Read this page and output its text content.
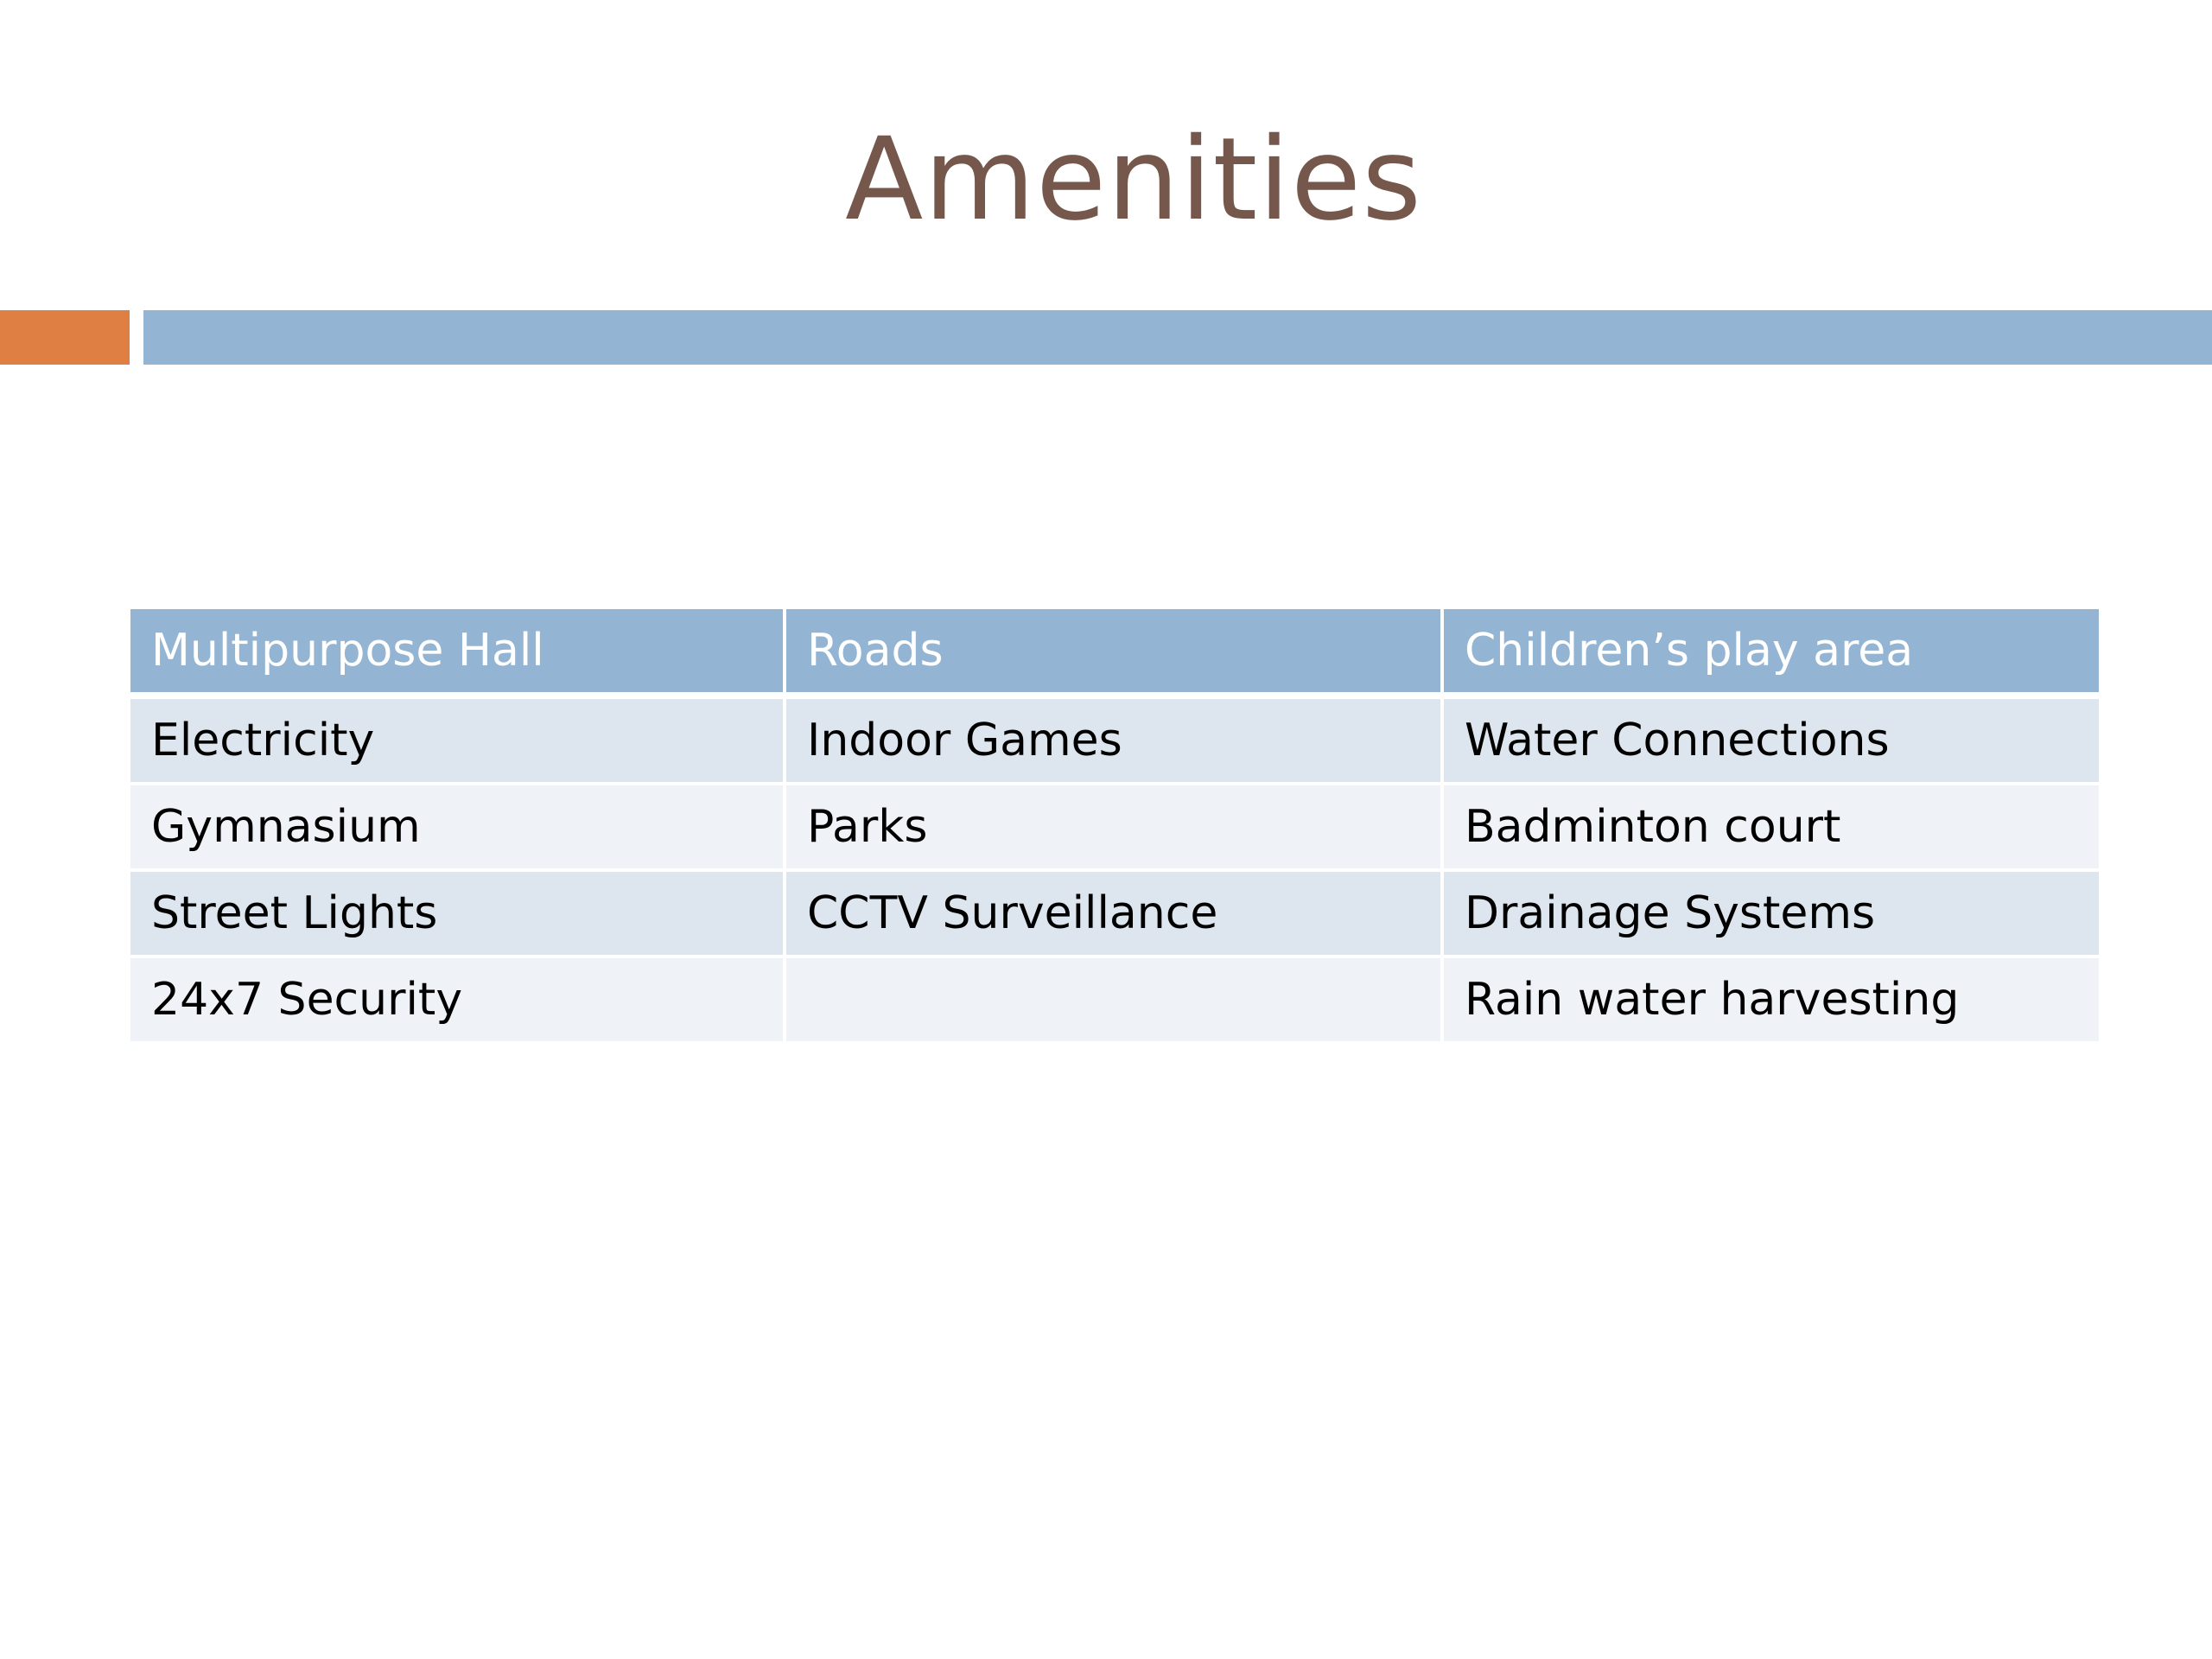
Amenities
Multipurpose Hall	Roads	Children’s play area
Electricity	Indoor Games	Water Connections
Gymnasium	Parks	Badminton court
Street Lights	CCTV Surveillance	Drainage Systems
24x7 Security		Rain water harvesting
